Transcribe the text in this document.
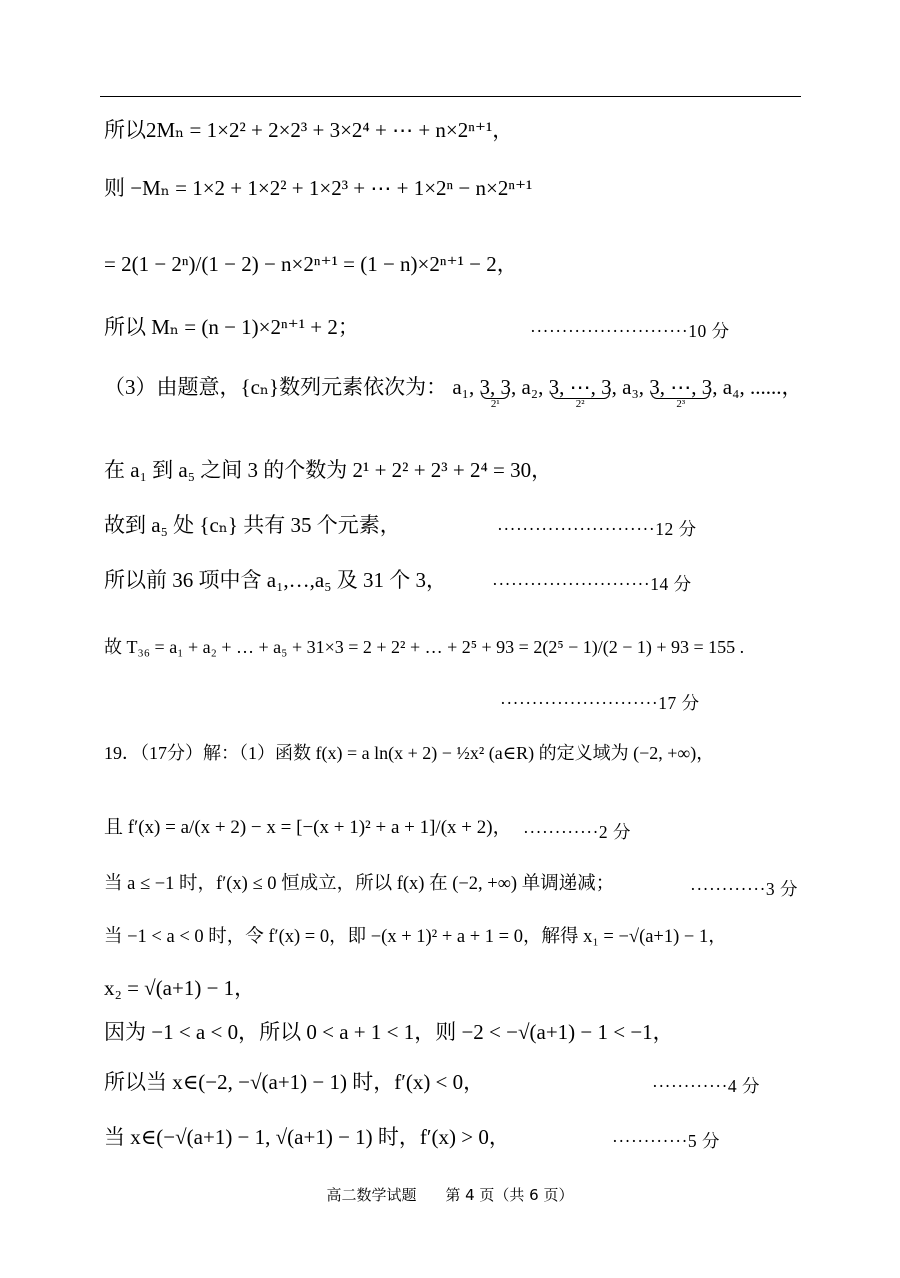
所以2Mₙ = 1×2² + 2×2³ + 3×2⁴ + ⋯ + n×2ⁿ⁺¹，
则 −Mₙ = 1×2 + 1×2² + 1×2³ + ⋯ + 1×2ⁿ − n×2ⁿ⁺¹
= 2(1 − 2ⁿ)/(1 − 2) − n×2ⁿ⁺¹ = (1 − n)×2ⁿ⁺¹ − 2，
所以 Mₙ = (n − 1)×2ⁿ⁺¹ + 2；	·························10 分
（3）由题意，{cₙ}数列元素依次为： a₁, 3, 3
2¹
, a₂, 3, ⋯, 3
2²
, a₃, 3, ⋯, 3
2³
, a₄, ......，
在 a₁ 到 a₅ 之间 3 的个数为 2¹ + 2² + 2³ + 2⁴ = 30，
故到 a₅ 处 {cₙ} 共有 35 个元素，	·························12 分
所以前 36 项中含 a₁,…,a₅ 及 31 个 3，	·························14 分
故 T₃₆ = a₁ + a₂ + … + a₅ + 31×3 = 2 + 2² + … + 2⁵ + 93 = 2(2⁵ − 1)/(2 − 1) + 93 = 155 .
·························17 分
19．（17分）解：（1）函数 f(x) = a ln(x + 2) − ½x² (a∈R) 的定义域为 (−2, +∞)，
且 f′(x) = a/(x + 2) − x = [−(x + 1)² + a + 1]/(x + 2)， ············2 分
当 a ≤ −1 时，f′(x) ≤ 0 恒成立，所以 f(x) 在 (−2, +∞) 单调递减；	············3 分
当 −1 < a < 0 时，令 f′(x) = 0，即 −(x + 1)² + a + 1 = 0，解得 x₁ = −√(a+1) − 1，
x₂ = √(a+1) − 1，
因为 −1 < a < 0，所以 0 < a + 1 < 1，则 −2 < −√(a+1) − 1 < −1，
所以当 x∈(−2, −√(a+1) − 1) 时，f′(x) < 0，	············4 分
当 x∈(−√(a+1) − 1, √(a+1) − 1) 时，f′(x) > 0，	············5 分
高二数学试题 第 4 页（共 6 页）
